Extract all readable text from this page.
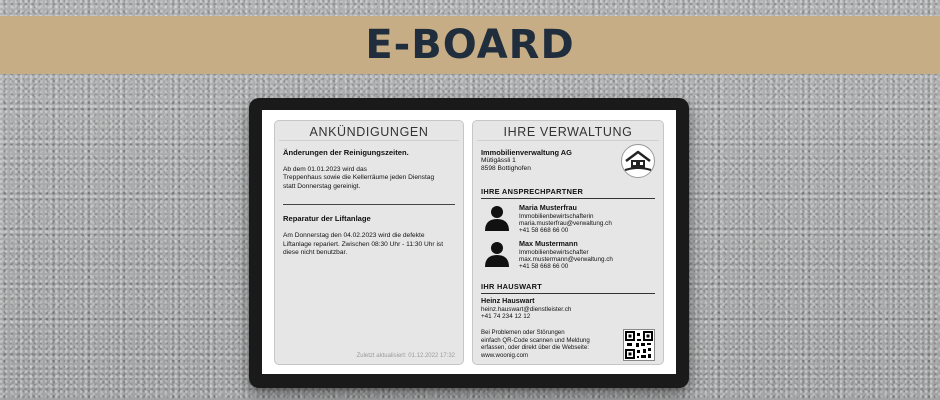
E-BOARD
ANKÜNDIGUNGEN
Änderungen der Reinigungszeiten.
Ab dem 01.01.2023 wird das
Treppenhaus sowie die Kellerräume jeden Dienstag
statt Donnerstag gereinigt.
Reparatur der Liftanlage
Am Donnerstag den 04.02.2023 wird die defekte
Liftanlage repariert. Zwischen 08:30 Uhr - 11:30 Uhr ist
diese nicht benutzbar.
Zuletzt aktualisiert: 01.12.2022 17:32
IHRE VERWALTUNG
Immobilienverwaltung AG
Mütigässli 1
8598 Bottighofen
IHRE ANSPRECHPARTNER
Maria Musterfrau
Immobilienbewirtschafterin
maria.musterfrau@verwaltung.ch
+41 58 668 66 00
Max Mustermann
Immobilienbewirtschafter
max.mustermann@verwaltung.ch
+41 58 668 66 00
IHR HAUSWART
Heinz Hauswart
heinz.hauswart@dienstleister.ch
+41 74 234 12 12
Bei Problemen oder Störungen
einfach QR-Code scannen und Meldung
erfassen, oder direkt über die Webseite:
www.woonig.com
